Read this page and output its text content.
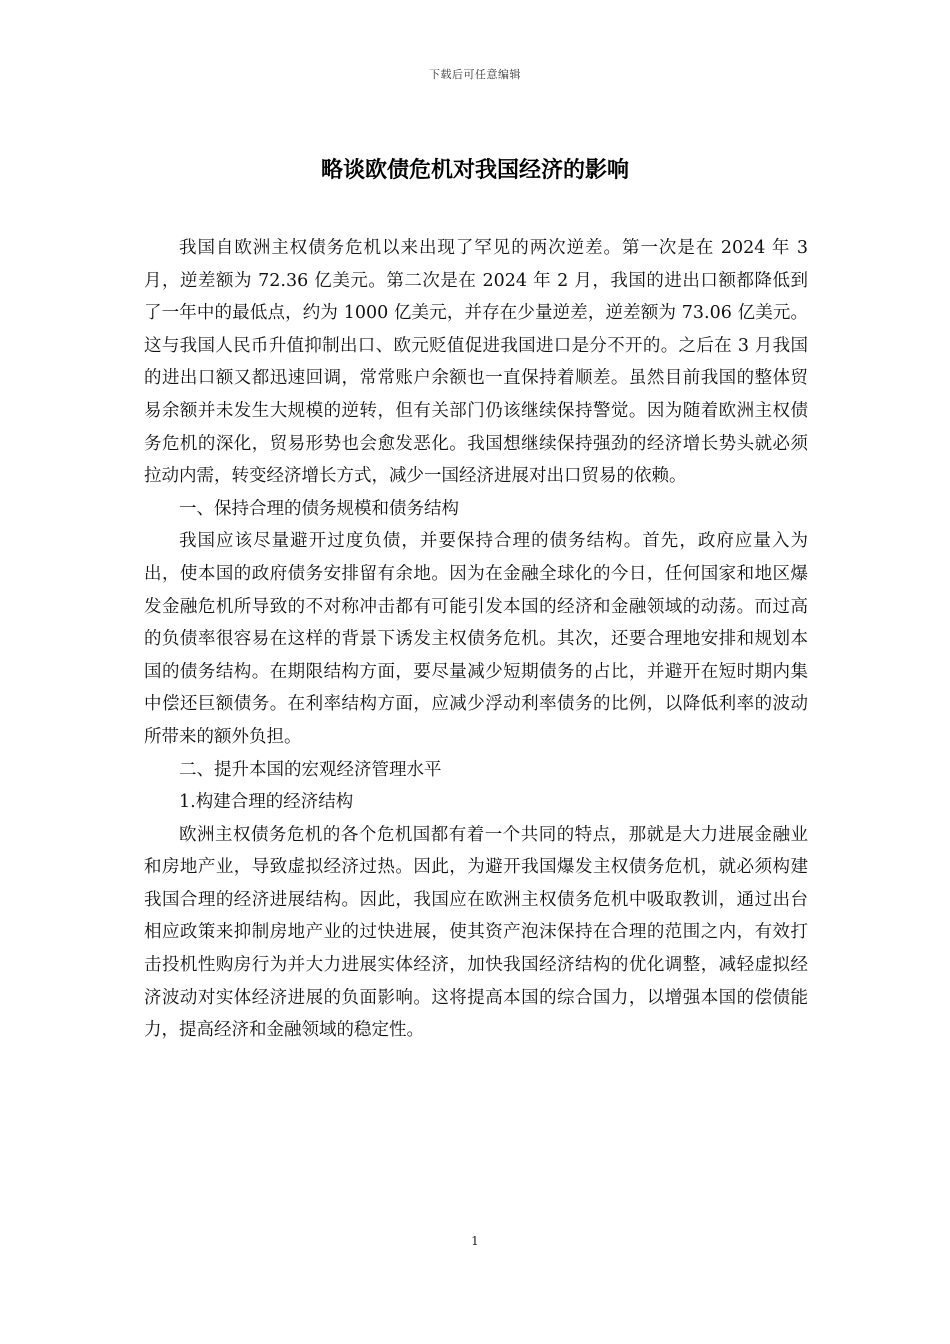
下载后可任意编辑
略谈欧债危机对我国经济的影响

我国自欧洲主权债务危机以来出现了罕见的两次逆差。第一次是在 2024 年 3 月，逆差额为 72.36 亿美元。第二次是在 2024 年 2 月，我国的进出口额都降低到了一年中的最低点，约为 1000 亿美元，并存在少量逆差，逆差额为 73.06 亿美元。这与我国人民币升值抑制出口、欧元贬值促进我国进口是分不开的。之后在 3 月我国的进出口额又都迅速回调，常常账户余额也一直保持着顺差。虽然目前我国的整体贸易余额并未发生大规模的逆转，但有关部门仍该继续保持警觉。因为随着欧洲主权债务危机的深化，贸易形势也会愈发恶化。我国想继续保持强劲的经济增长势头就必须拉动内需，转变经济增长方式，减少一国经济进展对出口贸易的依赖。

一、保持合理的债务规模和债务结构

我国应该尽量避开过度负债，并要保持合理的债务结构。首先，政府应量入为出，使本国的政府债务安排留有余地。因为在金融全球化的今日，任何国家和地区爆发金融危机所导致的不对称冲击都有可能引发本国的经济和金融领域的动荡。而过高的负债率很容易在这样的背景下诱发主权债务危机。其次，还要合理地安排和规划本国的债务结构。在期限结构方面，要尽量减少短期债务的占比，并避开在短时期内集中偿还巨额债务。在利率结构方面，应减少浮动利率债务的比例，以降低利率的波动所带来的额外负担。

二、提升本国的宏观经济管理水平

1.构建合理的经济结构

欧洲主权债务危机的各个危机国都有着一个共同的特点，那就是大力进展金融业和房地产业，导致虚拟经济过热。因此，为避开我国爆发主权债务危机，就必须构建我国合理的经济进展结构。因此，我国应在欧洲主权债务危机中吸取教训，通过出台相应政策来抑制房地产业的过快进展，使其资产泡沫保持在合理的范围之内，有效打击投机性购房行为并大力进展实体经济，加快我国经济结构的优化调整，减轻虚拟经济波动对实体经济进展的负面影响。这将提高本国的综合国力，以增强本国的偿债能力，提高经济和金融领域的稳定性。

1
